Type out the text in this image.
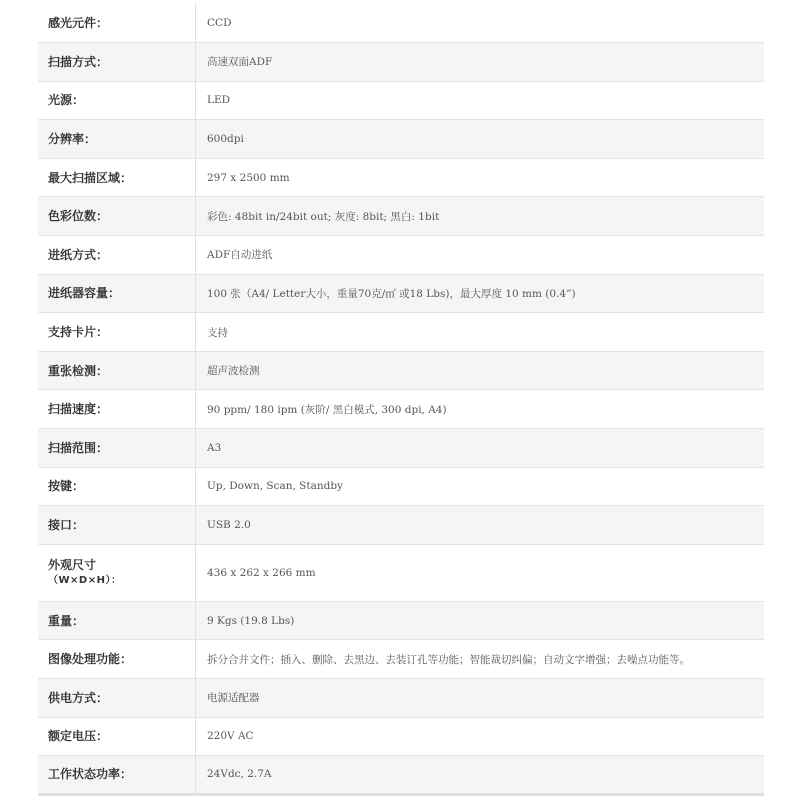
感光元件：	CCD
扫描方式：	高速双面ADF
光源：	LED
分辨率：	600dpi
最大扫描区域：	297 x 2500 mm
色彩位数：	彩色: 48bit in/24bit out; 灰度: 8bit; 黑白: 1bit
进纸方式：	ADF自动进纸
进纸器容量：	100 张（A4/ Letter大小，重量70克/㎡ 或18 Lbs)，最大厚度 10 mm (0.4”)
支持卡片：	支持
重张检测：	超声波检测
扫描速度：	90 ppm/ 180 ipm (灰阶/ 黑白模式, 300 dpi, A4)
扫描范围：	A3
按键：	Up, Down, Scan, Standby
接口：	USB 2.0
外观尺寸
（W×D×H）：	436 x 262 x 266 mm
重量：	9 Kgs (19.8 Lbs)
图像处理功能：	拆分合并文件；插入、删除、去黑边、去装订孔等功能；智能裁切纠偏；自动文字增强；去噪点功能等。
供电方式：	电源适配器
额定电压：	220V AC
工作状态功率：	24Vdc, 2.7A
